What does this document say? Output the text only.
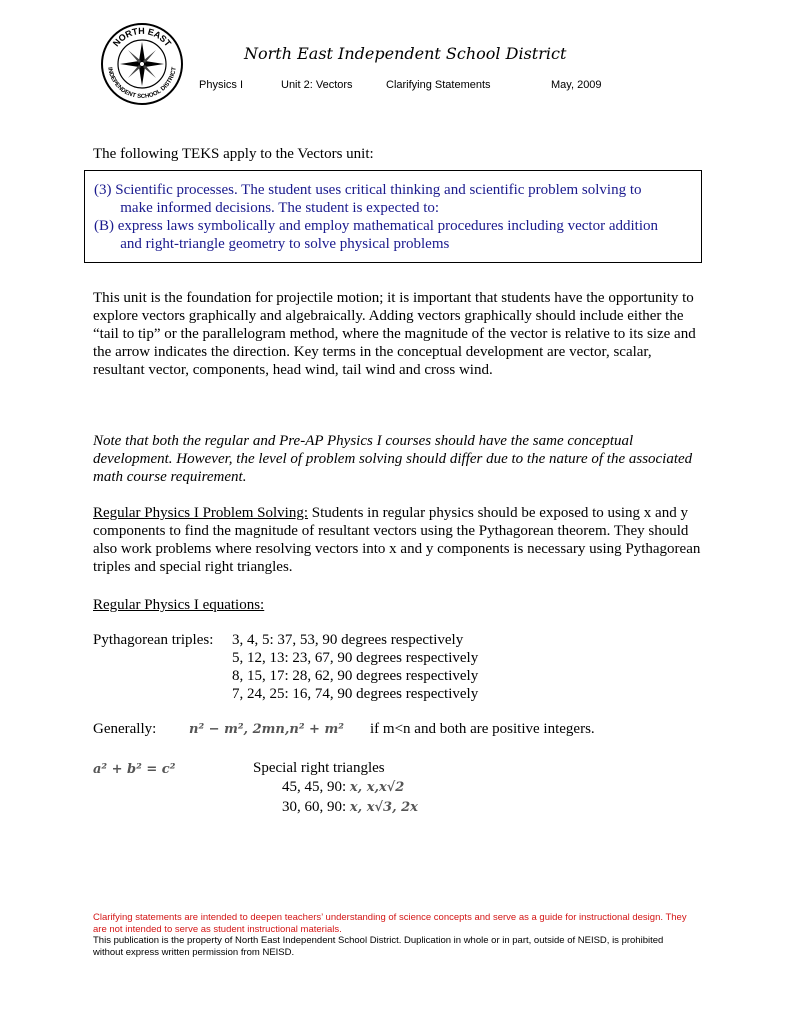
NORTH EAST
INDEPENDENT SCHOOL DISTRICT
North East Independent School District
Physics I	Unit 2: Vectors	Clarifying Statements	May, 2009
The following TEKS apply to the Vectors unit:
(3) Scientific processes. The student uses critical thinking and scientific problem solving to
make informed decisions. The student is expected to:
(B) express laws symbolically and employ mathematical procedures including vector addition
and right-triangle geometry to solve physical problems

This unit is the foundation for projectile motion; it is important that students have the opportunity to explore vectors graphically and algebraically. Adding vectors graphically should include either the “tail to tip” or the parallelogram method, where the magnitude of the vector is relative to its size and the arrow indicates the direction. Key terms in the conceptual development are vector, scalar, resultant vector, components, head wind, tail wind and cross wind.

Note that both the regular and Pre-AP Physics I courses should have the same conceptual development. However, the level of problem solving should differ due to the nature of the associated math course requirement.

Regular Physics I Problem Solving: Students in regular physics should be exposed to using x and y components to find the magnitude of resultant vectors using the Pythagorean theorem. They should also work problems where resolving vectors into x and y components is necessary using Pythagorean triples and special right triangles.

Regular Physics I equations:

Pythagorean triples: 3, 4, 5: 37, 53, 90 degrees respectively
5, 12, 13: 23, 67, 90 degrees respectively
8, 15, 17: 28, 62, 90 degrees respectively
7, 24, 25: 16, 74, 90 degrees respectively
Generally:	n² − m², 2mn,n² + m² if m<n and both are positive integers.
a² + b² = c²	Special right triangles
45, 45, 90: x, x,x√2
30, 60, 90: x, x√3, 2x
Clarifying statements are intended to deepen teachers’ understanding of science concepts and serve as a guide for instructional design. They are not intended to serve as student instructional materials.
This publication is the property of North East Independent School District. Duplication in whole or in part, outside of NEISD, is prohibited without express written permission from NEISD.
